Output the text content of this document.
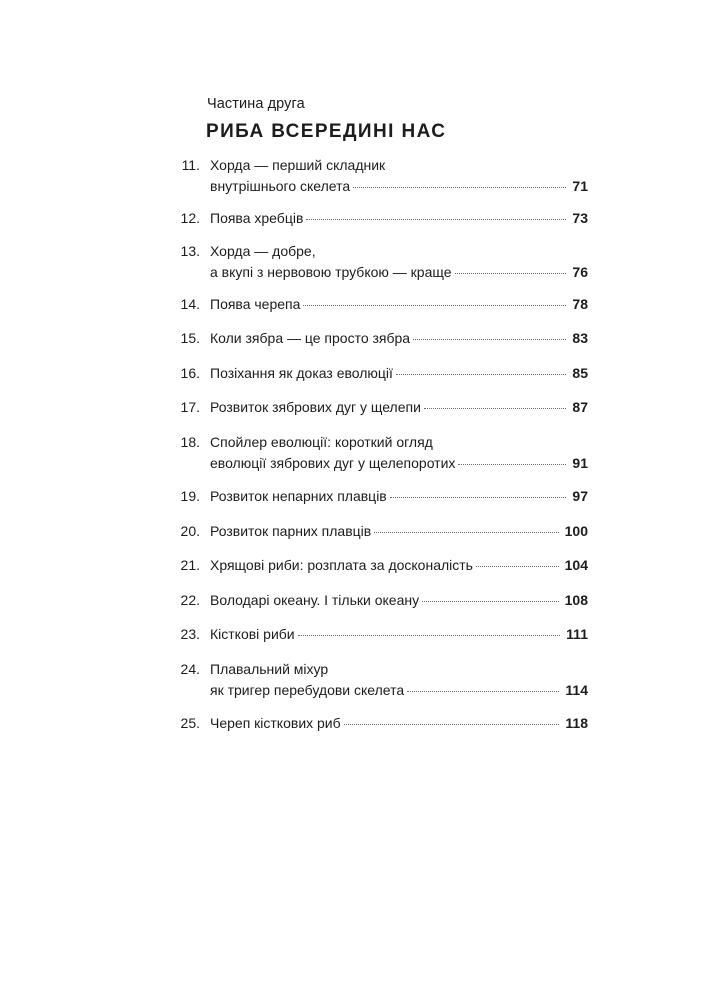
Частина друга
РИБА ВСЕРЕДИНІ НАС
11. Хорда — перший складник
внутрішнього скелета	71
12. Поява хребців	73
13. Хорда — добре,
а вкупі з нервовою трубкою — краще	76
14. Поява черепа	78
15. Коли зябра — це просто зябра	83
16. Позіхання як доказ еволюції	85
17. Розвиток зябрових дуг у щелепи	87
18. Спойлер еволюції: короткий огляд
еволюції зябрових дуг у щелепоротих	91
19. Розвиток непарних плавців	97
20. Розвиток парних плавців	100
21. Хрящові риби: розплата за досконалість	104
22. Володарі океану. І тільки океану	108
23. Кісткові риби	111
24. Плавальний міхур
як тригер перебудови скелета	114
25. Череп кісткових риб	118
